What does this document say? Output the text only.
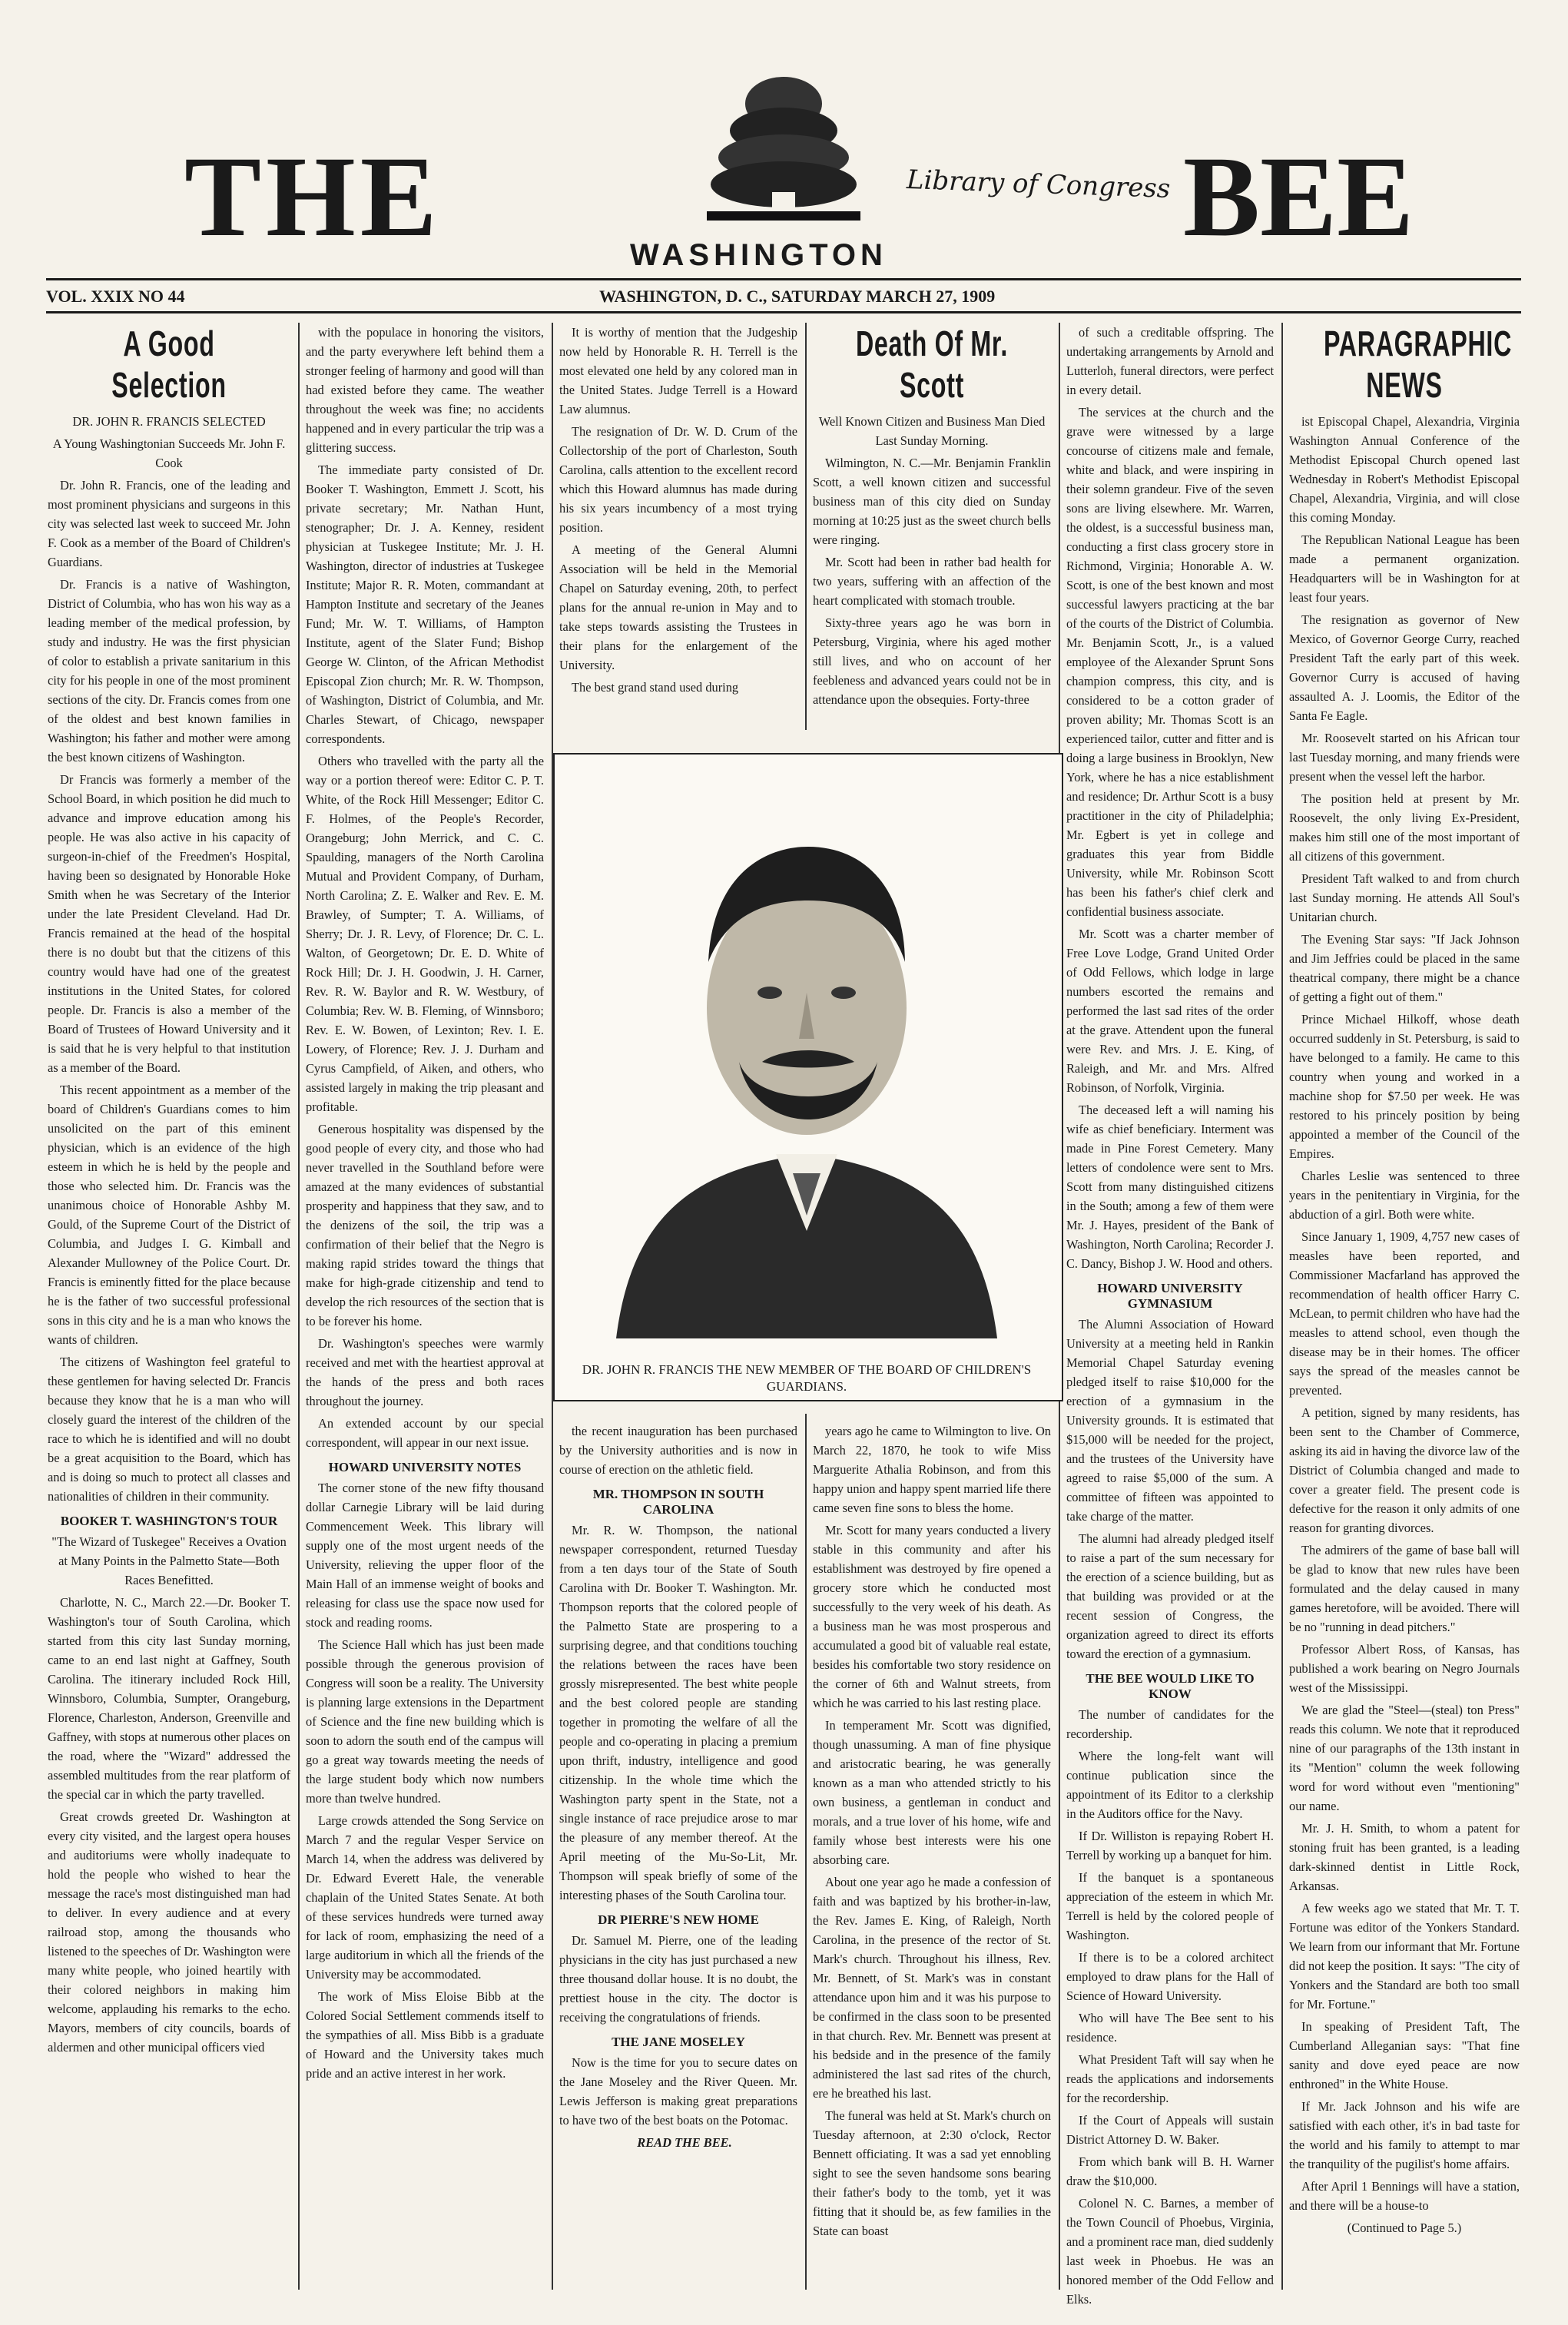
THE	Library of Congress BEE
WASHINGTON
VOL. XXIX NO 44	WASHINGTON, D. C., SATURDAY MARCH 27, 1909
A Good Selection

DR. JOHN R. FRANCIS SELECTED

A Young Washingtonian Succeeds Mr. John F. Cook

Dr. John R. Francis, one of the leading and most prominent physicians and surgeons in this city was selected last week to succeed Mr. John F. Cook as a member of the Board of Children's Guardians.

Dr. Francis is a native of Washington, District of Columbia, who has won his way as a leading member of the medical profession, by study and industry. He was the first physician of color to establish a private sanitarium in this city for his people in one of the most prominent sections of the city. Dr. Francis comes from one of the oldest and best known families in Washington; his father and mother were among the best known citizens of Washington.

Dr Francis was formerly a member of the School Board, in which position he did much to advance and improve education among his people. He was also active in his capacity of surgeon-in-chief of the Freedmen's Hospital, having been so designated by Honorable Hoke Smith when he was Secretary of the Interior under the late President Cleveland. Had Dr. Francis remained at the head of the hospital there is no doubt but that the citizens of this country would have had one of the greatest institutions in the United States, for colored people. Dr. Francis is also a member of the Board of Trustees of Howard University and it is said that he is very helpful to that institution as a member of the Board.

This recent appointment as a member of the board of Children's Guardians comes to him unsolicited on the part of this eminent physician, which is an evidence of the high esteem in which he is held by the people and those who selected him. Dr. Francis was the unanimous choice of Honorable Ashby M. Gould, of the Supreme Court of the District of Columbia, and Judges I. G. Kimball and Alexander Mullowney of the Police Court. Dr. Francis is eminently fitted for the place because he is the father of two successful professional sons in this city and he is a man who knows the wants of children.

The citizens of Washington feel grateful to these gentlemen for having selected Dr. Francis because they know that he is a man who will closely guard the interest of the children of the race to which he is identified and will no doubt be a great acquisition to the Board, which has and is doing so much to protect all classes and nationalities of children in their community.

BOOKER T. WASHINGTON'S TOUR

"The Wizard of Tuskegee" Receives a Ovation at Many Points in the Palmetto State—Both Races Benefitted.

Charlotte, N. C., March 22.—Dr. Booker T. Washington's tour of South Carolina, which started from this city last Sunday morning, came to an end last night at Gaffney, South Carolina. The itinerary included Rock Hill, Winnsboro, Columbia, Sumpter, Orangeburg, Florence, Charleston, Anderson, Greenville and Gaffney, with stops at numerous other places on the road, where the "Wizard" addressed the assembled multitudes from the rear platform of the special car in which the party travelled.

Great crowds greeted Dr. Washington at every city visited, and the largest opera houses and auditoriums were wholly inadequate to hold the people who wished to hear the message the race's most distinguished man had to deliver. In every audience and at every railroad stop, among the thousands who listened to the speeches of Dr. Washington were many white people, who joined heartily with their colored neighbors in making him welcome, applauding his remarks to the echo. Mayors, members of city councils, boards of aldermen and other municipal officers vied

with the populace in honoring the visitors, and the party everywhere left behind them a stronger feeling of harmony and good will than had existed before they came. The weather throughout the week was fine; no accidents happened and in every particular the trip was a glittering success.

The immediate party consisted of Dr. Booker T. Washington, Emmett J. Scott, his private secretary; Mr. Nathan Hunt, stenographer; Dr. J. A. Kenney, resident physician at Tuskegee Institute; Mr. J. H. Washington, director of industries at Tuskegee Institute; Major R. R. Moten, commandant at Hampton Institute and secretary of the Jeanes Fund; Mr. W. T. Williams, of Hampton Institute, agent of the Slater Fund; Bishop George W. Clinton, of the African Methodist Episcopal Zion church; Mr. R. W. Thompson, of Washington, District of Columbia, and Mr. Charles Stewart, of Chicago, newspaper correspondents.

Others who travelled with the party all the way or a portion thereof were: Editor C. P. T. White, of the Rock Hill Messenger; Editor C. F. Holmes, of the People's Recorder, Orangeburg; John Merrick, and C. C. Spaulding, managers of the North Carolina Mutual and Provident Company, of Durham, North Carolina; Z. E. Walker and Rev. E. M. Brawley, of Sumpter; T. A. Williams, of Sherry; Dr. J. R. Levy, of Florence; Dr. C. L. Walton, of Georgetown; Dr. E. D. White of Rock Hill; Dr. J. H. Goodwin, J. H. Carner, Rev. R. W. Baylor and R. W. Westbury, of Columbia; Rev. W. B. Fleming, of Winnsboro; Rev. E. W. Bowen, of Lexinton; Rev. I. E. Lowery, of Florence; Rev. J. J. Durham and Cyrus Campfield, of Aiken, and others, who assisted largely in making the trip pleasant and profitable.

Generous hospitality was dispensed by the good people of every city, and those who had never travelled in the Southland before were amazed at the many evidences of substantial prosperity and happiness that they saw, and to the denizens of the soil, the trip was a confirmation of their belief that the Negro is making rapid strides toward the things that make for high-grade citizenship and tend to develop the rich resources of the section that is to be forever his home.

Dr. Washington's speeches were warmly received and met with the heartiest approval at the hands of the press and both races throughout the journey.

An extended account by our special correspondent, will appear in our next issue.

HOWARD UNIVERSITY NOTES

The corner stone of the new fifty thousand dollar Carnegie Library will be laid during Commencement Week. This library will supply one of the most urgent needs of the University, relieving the upper floor of the Main Hall of an immense weight of books and releasing for class use the space now used for stock and reading rooms.

The Science Hall which has just been made possible through the generous provision of Congress will soon be a reality. The University is planning large extensions in the Department of Science and the fine new building which is soon to adorn the south end of the campus will go a great way towards meeting the needs of the large student body which now numbers more than twelve hundred.

Large crowds attended the Song Service on March 7 and the regular Vesper Service on March 14, when the address was delivered by Dr. Edward Everett Hale, the venerable chaplain of the United States Senate. At both of these services hundreds were turned away for lack of room, emphasizing the need of a large auditorium in which all the friends of the University may be accommodated.

The work of Miss Eloise Bibb at the Colored Social Settlement commends itself to the sympathies of all. Miss Bibb is a graduate of Howard and the University takes much pride and an active interest in her work.

It is worthy of mention that the Judgeship now held by Honorable R. H. Terrell is the most elevated one held by any colored man in the United States. Judge Terrell is a Howard Law alumnus.

The resignation of Dr. W. D. Crum of the Collectorship of the port of Charleston, South Carolina, calls attention to the excellent record which this Howard alumnus has made during his six years incumbency of a most trying position.

A meeting of the General Alumni Association will be held in the Memorial Chapel on Saturday evening, 20th, to perfect plans for the annual re-union in May and to take steps towards assisting the Trustees in their plans for the enlargement of the University.

The best grand stand used during

Death Of Mr. Scott

Well Known Citizen and Business Man Died Last Sunday Morning.

Wilmington, N. C.—Mr. Benjamin Franklin Scott, a well known citizen and successful business man of this city died on Sunday morning at 10:25 just as the sweet church bells were ringing.

Mr. Scott had been in rather bad health for two years, suffering with an affection of the heart complicated with stomach trouble.

Sixty-three years ago he was born in Petersburg, Virginia, where his aged mother still lives, and who on account of her feebleness and advanced years could not be in attendance upon the obsequies. Forty-three

DR. JOHN R. FRANCIS THE NEW MEMBER OF THE BOARD OF CHILDREN'S GUARDIANS.

the recent inauguration has been purchased by the University authorities and is now in course of erection on the athletic field.

MR. THOMPSON IN SOUTH CAROLINA

Mr. R. W. Thompson, the national newspaper correspondent, returned Tuesday from a ten days tour of the State of South Carolina with Dr. Booker T. Washington. Mr. Thompson reports that the colored people of the Palmetto State are prospering to a surprising degree, and that conditions touching the relations between the races have been grossly misrepresented. The best white people and the best colored people are standing together in promoting the welfare of all the people and co-operating in placing a premium upon thrift, industry, intelligence and good citizenship. In the whole time which the Washington party spent in the State, not a single instance of race prejudice arose to mar the pleasure of any member thereof. At the April meeting of the Mu-So-Lit, Mr. Thompson will speak briefly of some of the interesting phases of the South Carolina tour.

DR PIERRE'S NEW HOME

Dr. Samuel M. Pierre, one of the leading physicians in the city has just purchased a new three thousand dollar house. It is no doubt, the prettiest house in the city. The doctor is receiving the congratulations of friends.

THE JANE MOSELEY

Now is the time for you to secure dates on the Jane Moseley and the River Queen. Mr. Lewis Jefferson is making great preparations to have two of the best boats on the Potomac.

READ THE BEE.

years ago he came to Wilmington to live. On March 22, 1870, he took to wife Miss Marguerite Athalia Robinson, and from this happy union and happy spent married life there came seven fine sons to bless the home.

Mr. Scott for many years conducted a livery stable in this community and after his establishment was destroyed by fire opened a grocery store which he conducted most successfully to the very week of his death. As a business man he was most prosperous and accumulated a good bit of valuable real estate, besides his comfortable two story residence on the corner of 6th and Walnut streets, from which he was carried to his last resting place.

In temperament Mr. Scott was dignified, though unassuming. A man of fine physique and aristocratic bearing, he was generally known as a man who attended strictly to his own business, a gentleman in conduct and morals, and a true lover of his home, wife and family whose best interests were his one absorbing care.

About one year ago he made a confession of faith and was baptized by his brother-in-law, the Rev. James E. King, of Raleigh, North Carolina, in the presence of the rector of St. Mark's church. Throughout his illness, Rev. Mr. Bennett, of St. Mark's was in constant attendance upon him and it was his purpose to be confirmed in the class soon to be presented in that church. Rev. Mr. Bennett was present at his bedside and in the presence of the family administered the last sad rites of the church, ere he breathed his last.

The funeral was held at St. Mark's church on Tuesday afternoon, at 2:30 o'clock, Rector Bennett officiating. It was a sad yet ennobling sight to see the seven handsome sons bearing their father's body to the tomb, yet it was fitting that it should be, as few families in the State can boast

of such a creditable offspring. The undertaking arrangements by Arnold and Lutterloh, funeral directors, were perfect in every detail.

The services at the church and the grave were witnessed by a large concourse of citizens male and female, white and black, and were inspiring in their solemn grandeur. Five of the seven sons are living elsewhere. Mr. Warren, the oldest, is a successful business man, conducting a first class grocery store in Richmond, Virginia; Honorable A. W. Scott, is one of the best known and most successful lawyers practicing at the bar of the courts of the District of Columbia. Mr. Benjamin Scott, Jr., is a valued employee of the Alexander Sprunt Sons champion compress, this city, and is considered to be a cotton grader of proven ability; Mr. Thomas Scott is an experienced tailor, cutter and fitter and is doing a large business in Brooklyn, New York, where he has a nice establishment and residence; Dr. Arthur Scott is a busy practitioner in the city of Philadelphia; Mr. Egbert is yet in college and graduates this year from Biddle University, while Mr. Robinson Scott has been his father's chief clerk and confidential business associate.

Mr. Scott was a charter member of Free Love Lodge, Grand United Order of Odd Fellows, which lodge in large numbers escorted the remains and performed the last sad rites of the order at the grave. Attendent upon the funeral were Rev. and Mrs. J. E. King, of Raleigh, and Mr. and Mrs. Alfred Robinson, of Norfolk, Virginia.

The deceased left a will naming his wife as chief beneficiary. Interment was made in Pine Forest Cemetery. Many letters of condolence were sent to Mrs. Scott from many distinguished citizens in the South; among a few of them were Mr. J. Hayes, president of the Bank of Washington, North Carolina; Recorder J. C. Dancy, Bishop J. W. Hood and others.

HOWARD UNIVERSITY GYMNASIUM

The Alumni Association of Howard University at a meeting held in Rankin Memorial Chapel Saturday evening pledged itself to raise $10,000 for the erection of a gymnasium in the University grounds. It is estimated that $15,000 will be needed for the project, and the trustees of the University have agreed to raise $5,000 of the sum. A committee of fifteen was appointed to take charge of the matter.

The alumni had already pledged itself to raise a part of the sum necessary for the erection of a science building, but as that building was provided or at the recent session of Congress, the organization agreed to direct its efforts toward the erection of a gymnasium.

THE BEE WOULD LIKE TO KNOW

The number of candidates for the recordership.

Where the long-felt want will continue publication since the appointment of its Editor to a clerkship in the Auditors office for the Navy.

If Dr. Williston is repaying Robert H. Terrell by working up a banquet for him.

If the banquet is a spontaneous appreciation of the esteem in which Mr. Terrell is held by the colored people of Washington.

If there is to be a colored architect employed to draw plans for the Hall of Science of Howard University.

Who will have The Bee sent to his residence.

What President Taft will say when he reads the applications and indorsements for the recordership.

If the Court of Appeals will sustain District Attorney D. W. Baker.

From which bank will B. H. Warner draw the $10,000.

Colonel N. C. Barnes, a member of the Town Council of Phoebus, Virginia, and a prominent race man, died suddenly last week in Phoebus. He was an honored member of the Odd Fellow and Elks.

PARAGRAPHIC NEWS

ist Episcopal Chapel, Alexandria, Virginia Washington Annual Conference of the Methodist Episcopal Church opened last Wednesday in Robert's Methodist Episcopal Chapel, Alexandria, Virginia, and will close this coming Monday.

The Republican National League has been made a permanent organization. Headquarters will be in Washington for at least four years.

The resignation as governor of New Mexico, of Governor George Curry, reached President Taft the early part of this week. Governor Curry is accused of having assaulted A. J. Loomis, the Editor of the Santa Fe Eagle.

Mr. Roosevelt started on his African tour last Tuesday morning, and many friends were present when the vessel left the harbor.

The position held at present by Mr. Roosevelt, the only living Ex-President, makes him still one of the most important of all citizens of this government.

President Taft walked to and from church last Sunday morning. He attends All Soul's Unitarian church.

The Evening Star says: "If Jack Johnson and Jim Jeffries could be placed in the same theatrical company, there might be a chance of getting a fight out of them."

Prince Michael Hilkoff, whose death occurred suddenly in St. Petersburg, is said to have belonged to a family. He came to this country when young and worked in a machine shop for $7.50 per week. He was restored to his princely position by being appointed a member of the Council of the Empires.

Charles Leslie was sentenced to three years in the penitentiary in Virginia, for the abduction of a girl. Both were white.

Since January 1, 1909, 4,757 new cases of measles have been reported, and Commissioner Macfarland has approved the recommendation of health officer Harry C. McLean, to permit children who have had the measles to attend school, even though the disease may be in their homes. The officer says the spread of the measles cannot be prevented.

A petition, signed by many residents, has been sent to the Chamber of Commerce, asking its aid in having the divorce law of the District of Columbia changed and made to cover a greater field. The present code is defective for the reason it only admits of one reason for granting divorces.

The admirers of the game of base ball will be glad to know that new rules have been formulated and the delay caused in many games heretofore, will be avoided. There will be no "running in dead pitchers."

Professor Albert Ross, of Kansas, has published a work bearing on Negro Journals west of the Mississippi.

We are glad the "Steel—(steal) ton Press" reads this column. We note that it reproduced nine of our paragraphs of the 13th instant in its "Mention" column the week following word for word without even "mentioning" our name.

Mr. J. H. Smith, to whom a patent for stoning fruit has been granted, is a leading dark-skinned dentist in Little Rock, Arkansas.

A few weeks ago we stated that Mr. T. T. Fortune was editor of the Yonkers Standard. We learn from our informant that Mr. Fortune did not keep the position. It says: "The city of Yonkers and the Standard are both too small for Mr. Fortune."

In speaking of President Taft, The Cumberland Alleganian says: "That fine sanity and dove eyed peace are now enthroned" in the White House.

If Mr. Jack Johnson and his wife are satisfied with each other, it's in bad taste for the world and his family to attempt to mar the tranquility of the pugilist's home affairs.

After April 1 Bennings will have a station, and there will be a house-to

(Continued to Page 5.)
